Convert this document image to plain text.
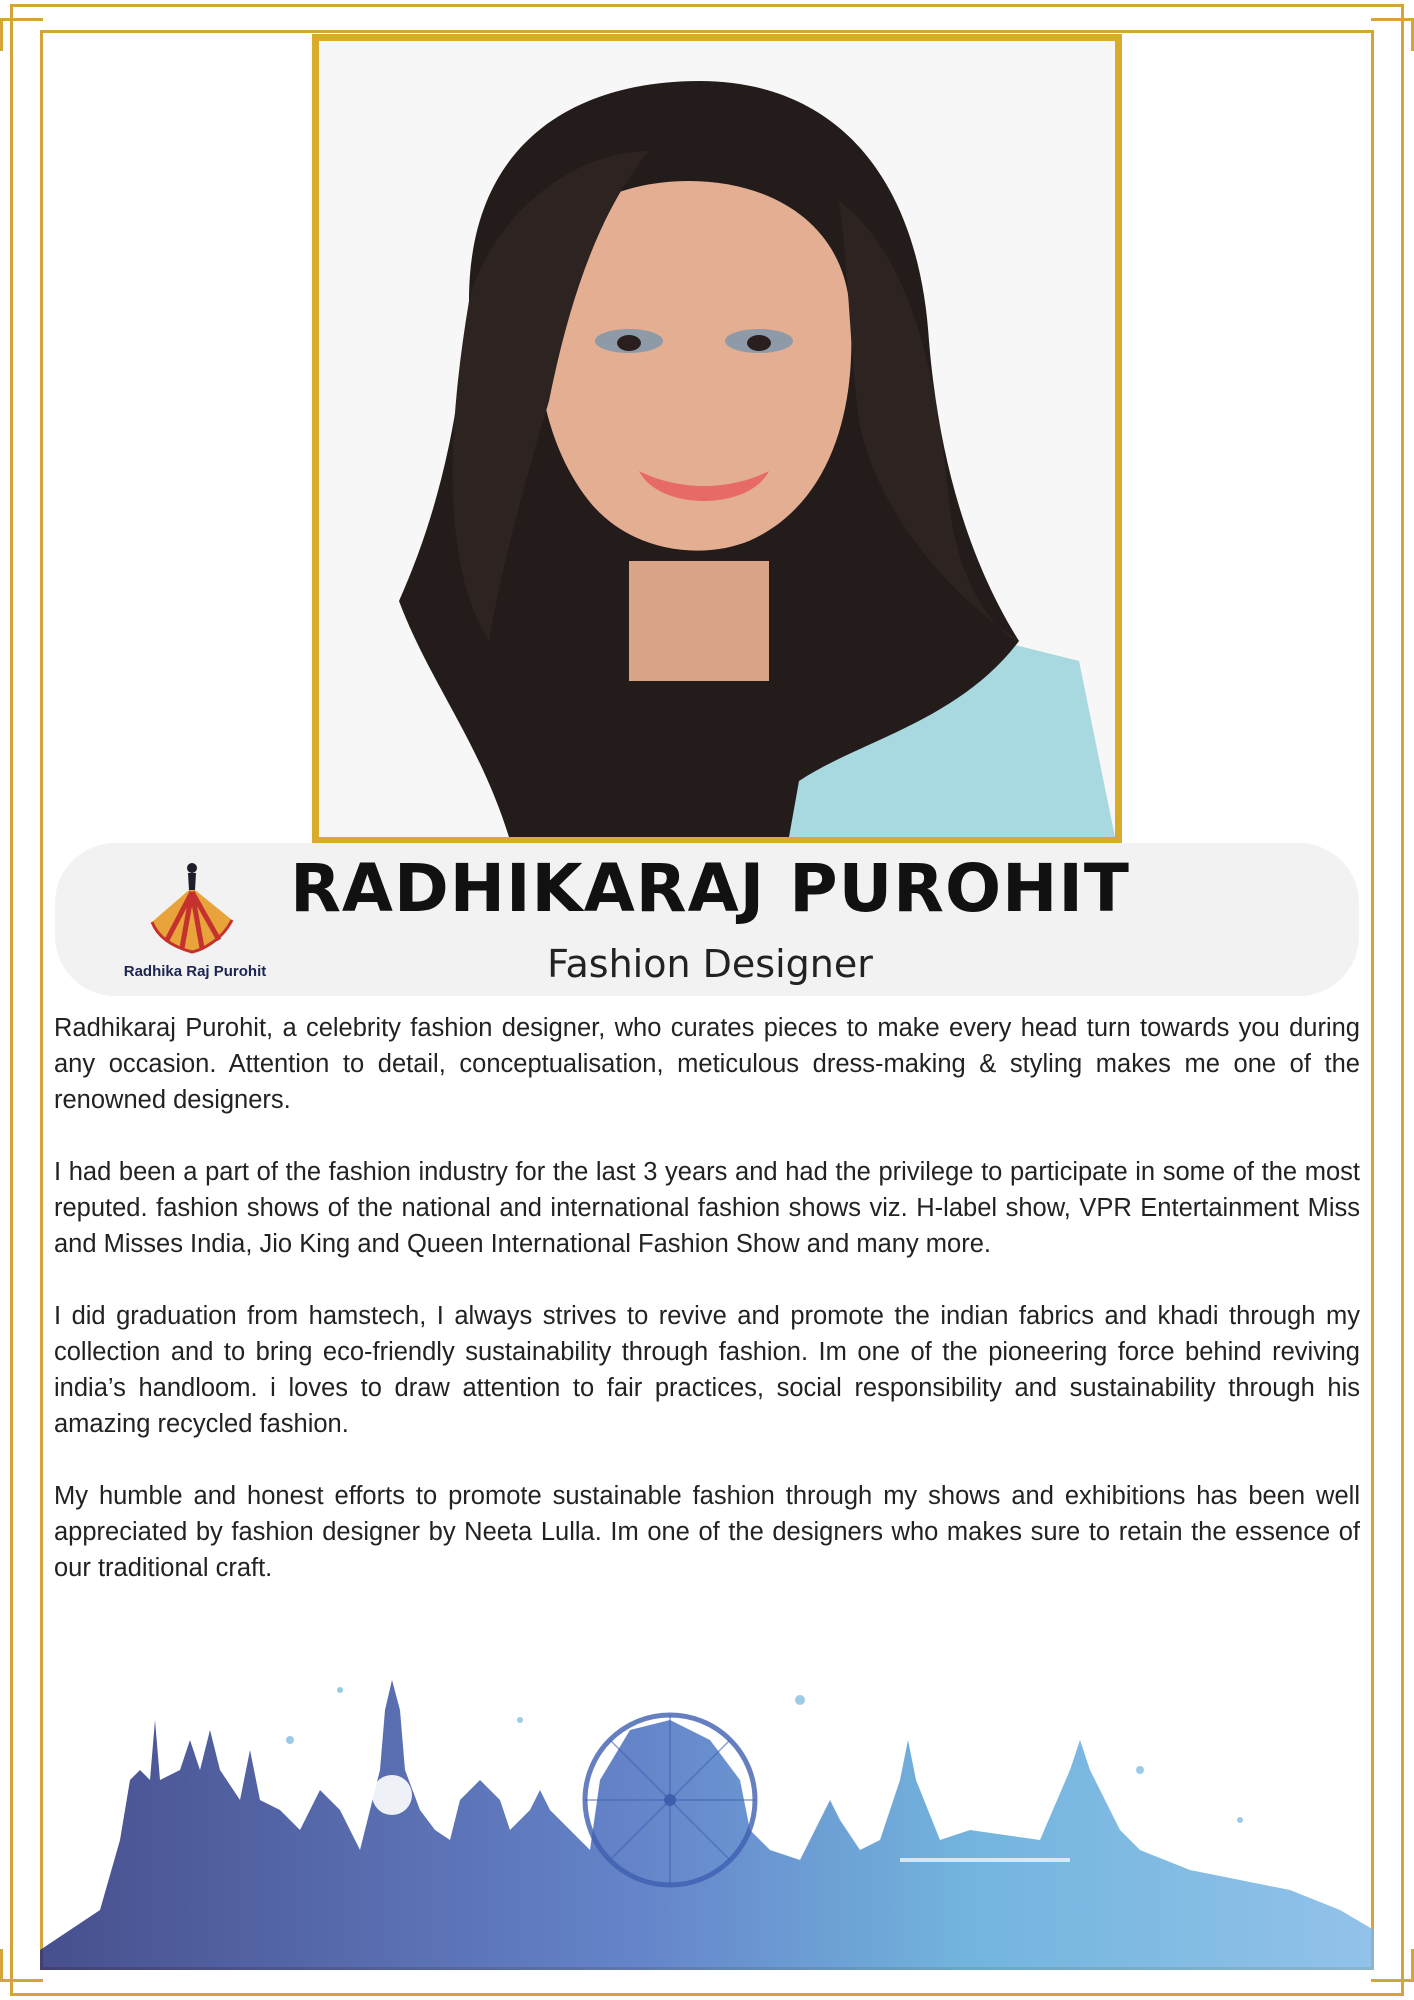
Radhika Raj Purohit
RADHIKARAJ PUROHIT
Fashion Designer

Radhikaraj Purohit, a celebrity fashion designer, who curates pieces to make every head turn towards you during any occasion. Attention to detail, conceptualisation, meticulous dress-making & styling makes me one of the renowned designers.

I had been a part of the fashion industry for the last 3 years and had the privilege to participate in some of the most reputed. fashion shows of the national and international fashion shows viz. H-label show, VPR Entertainment Miss and Misses India, Jio King and Queen International Fashion Show and many more.

I did graduation from hamstech, I always strives to revive and promote the indian fabrics and khadi through my collection and to bring eco-friendly sustainability through fashion. Im one of the pioneering force behind reviving india’s handloom. i loves to draw attention to fair practices, social responsibility and sustainability through his amazing recycled fashion.

My humble and honest efforts to promote sustainable fashion through my shows and exhibitions has been well appreciated by fashion designer by Neeta Lulla. Im one of the designers who makes sure to retain the essence of our traditional craft.
